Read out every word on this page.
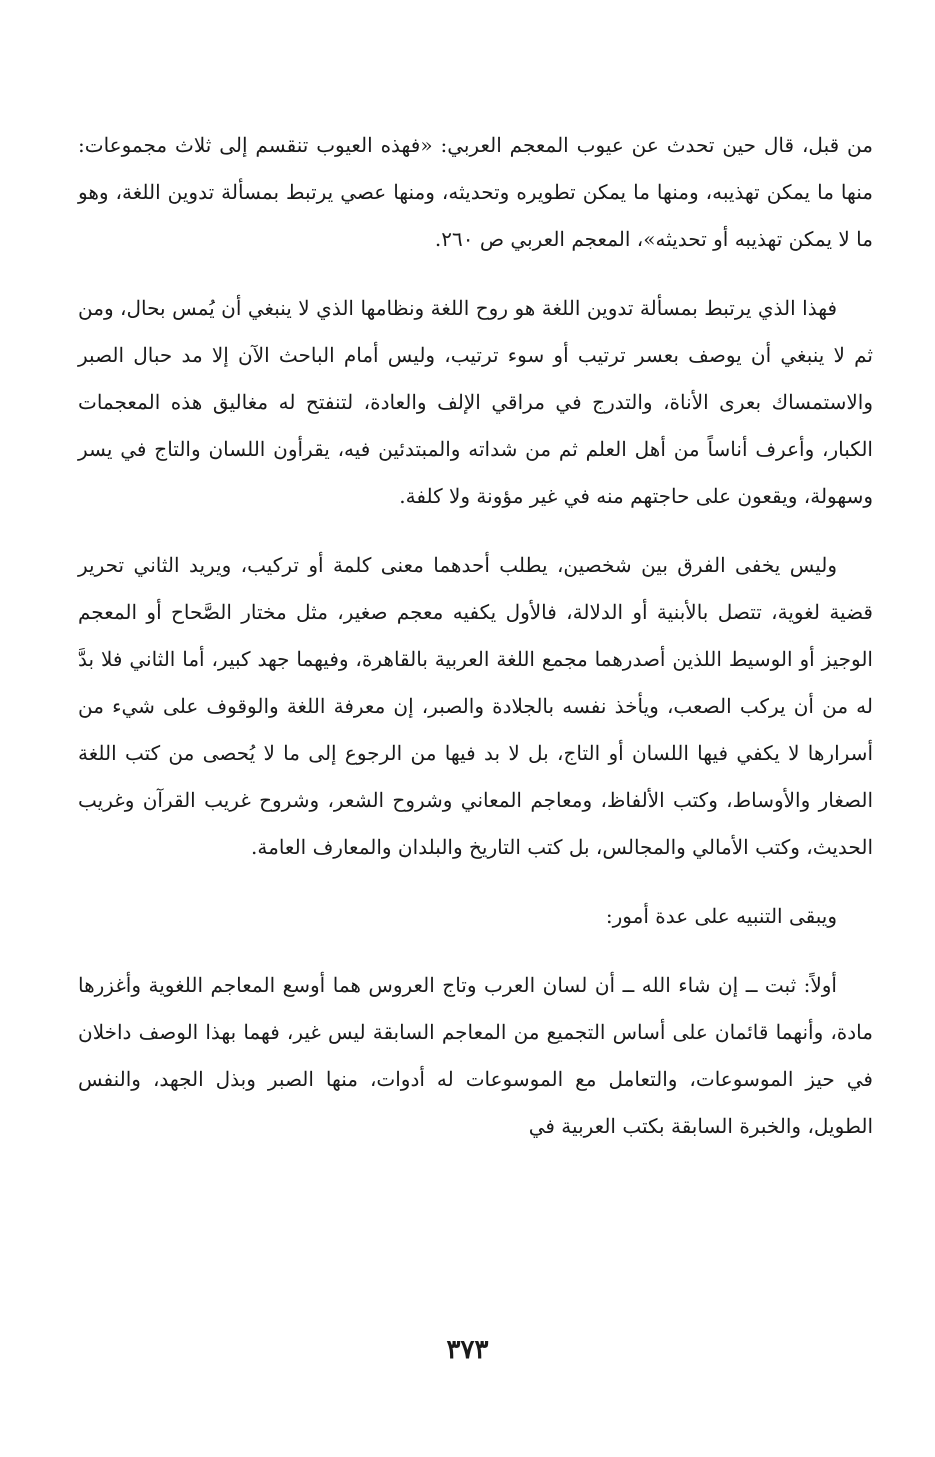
من قبل، قال حين تحدث عن عيوب المعجم العربي: «فهذه العيوب تنقسم إلى ثلاث مجموعات: منها ما يمكن تهذيبه، ومنها ما يمكن تطويره وتحديثه، ومنها عصي يرتبط بمسألة تدوين اللغة، وهو ما لا يمكن تهذيبه أو تحديثه»، المعجم العربي ص ٢٦٠.

فهذا الذي يرتبط بمسألة تدوين اللغة هو روح اللغة ونظامها الذي لا ينبغي أن يُمس بحال، ومن ثم لا ينبغي أن يوصف بعسر ترتيب أو سوء ترتيب، وليس أمام الباحث الآن إلا مد حبال الصبر والاستمساك بعرى الأناة، والتدرج في مراقي الإلف والعادة، لتنفتح له مغاليق هذه المعجمات الكبار، وأعرف أناساً من أهل العلم ثم من شداته والمبتدئين فيه، يقرأون اللسان والتاج في يسر وسهولة، ويقعون على حاجتهم منه في غير مؤونة ولا كلفة.

وليس يخفى الفرق بين شخصين، يطلب أحدهما معنى كلمة أو تركيب، ويريد الثاني تحرير قضية لغوية، تتصل بالأبنية أو الدلالة، فالأول يكفيه معجم صغير، مثل مختار الصَّحاح أو المعجم الوجيز أو الوسيط اللذين أصدرهما مجمع اللغة العربية بالقاهرة، وفيهما جهد كبير، أما الثاني فلا بدَّ له من أن يركب الصعب، ويأخذ نفسه بالجلادة والصبر، إن معرفة اللغة والوقوف على شيء من أسرارها لا يكفي فيها اللسان أو التاج، بل لا بد فيها من الرجوع إلى ما لا يُحصى من كتب اللغة الصغار والأوساط، وكتب الألفاظ، ومعاجم المعاني وشروح الشعر، وشروح غريب القرآن وغريب الحديث، وكتب الأمالي والمجالس، بل كتب التاريخ والبلدان والمعارف العامة.

ويبقى التنبيه على عدة أمور:

أولاً: ثبت ــ إن شاء الله ــ أن لسان العرب وتاج العروس هما أوسع المعاجم اللغوية وأغزرها مادة، وأنهما قائمان على أساس التجميع من المعاجم السابقة ليس غير، فهما بهذا الوصف داخلان في حيز الموسوعات، والتعامل مع الموسوعات له أدوات، منها الصبر وبذل الجهد، والنفس الطويل، والخبرة السابقة بكتب العربية في

٣٧٣
